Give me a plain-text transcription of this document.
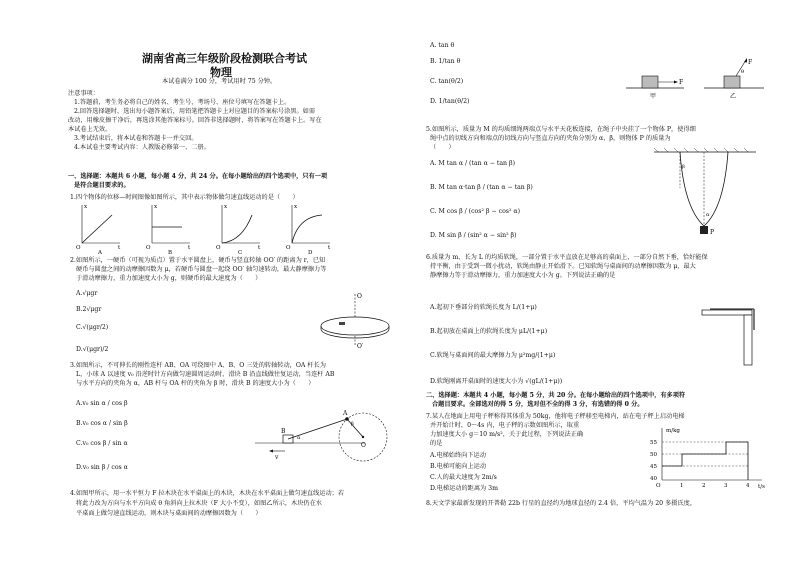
湖南省高三年级阶段检测联合考试
物理
本试卷满分 100 分，考试用时 75 分钟。
注意事项：
1.答题前，考生务必将自己的姓名、考生号、考场号、座位号填写在答题卡上。
2.回答选择题时，选出每小题答案后，用铅笔把答题卡上对应题目的答案标号涂黑。如需
改动，用橡皮擦干净后，再选涂其他答案标号。回答非选择题时，将答案写在答题卡上。写在
本试卷上无效。
3.考试结束后，将本试卷和答题卡一并交回。
4.本试卷主要考试内容：人教版必修第一、二册。
一、选择题：本题共 6 小题，每小题 4 分，共 24 分。在每小题给出的四个选项中，只有一项
是符合题目要求的。
1.四个物体的位移—时间图像如图所示，其中表示物体做匀速直线运动的是（　　）
x
t
O
A
x
t
O
B
x
t
O
C
x
t
O
D
2.如图所示，一硬币（可视为质点）置于水平圆盘上，硬币与竖直转轴 OO′ 的距离为 r，已知
硬币与圆盘之间的动摩擦因数为 μ，若硬币与圆盘一起绕 OO′ 轴匀速转动，最大静摩擦力等
于滑动摩擦力，重力加速度大小为 g，则硬币的最大速度为（　　）
A.√μgr
B.2√μgr
C.√(μgr/2)
D.√(μgr)/2
O
O′
3.如图所示，不可伸长的刚性连杆 AB、OA 可绕图中 A、B、O 三处的转轴转动，OA 杆长为
L，小球 A 以速度 v₀ 沿逆时针方向做匀速圆周运动时，滑块 B 沿直线做往复运动，当连杆 AB
与水平方向的夹角为 α，AB 杆与 OA 杆的夹角为 β 时，滑块 B 的速度大小为（　　）
A.v₀ sin α / cos β
B.v₀ cos α / sin β
C.v₀ cos β / sin α
D.v₀ sin β / cos α
B
A
O
v
α
β
4.如图甲所示，用一水平恒力 F 拉木块在水平桌面上的木块，木块在水平桌面上做匀速直线运动；若
将此力改为方向与水平方向成 θ 角斜向上拉木块（F 大小不变），如图乙所示，木块仍在水
平桌面上做匀速直线运动，则木块与桌面间的动摩擦因数为（　　）
A. tan θ
B. 1/tan θ
C. tan(θ/2)
D. 1/tan(θ/2)
F
甲
F
θ
乙
5.如图所示，质量为 M 的均质细绳两端点与水平天花板连接，在绳子中央挂了一个物体 P，使得细
绳中点的切线方向和端点的切线方向与竖直方向的夹角分别为 α、β，则物体 P 的质量为
（　　）
A. M tan α / (tan α − tan β)
B. M tan α·tan β / (tan α − tan β)
C. M cos β / (cos² β − cos² α)
D. M sin β / (sin² α − sin² β)	P
β
α
6.质量为 m、长为 L 的均质软绳，一部分置于水平直放在足够高的桌面上，一部分自然下垂，恰好能保
持平衡，由于受到一微小扰动，软绳由静止开始滑下。已知软绳与桌面间的动摩擦因数为 μ，最大
静摩擦力等于滑动摩擦力，重力加速度大小为 g。下列说法正确的是
A.起初下垂部分的软绳长度为 L/(1+μ)
B.起初放在桌面上的软绳长度为 μL/(1+μ)
C.软绳与桌面间的最大摩擦力为 μ²mg/(1+μ)
D.软绳刚离开桌面时的速度大小为 √(gL/(1+μ))
二、选择题：本题共 4 小题，每小题 5 分，共 20 分。在每小题给出的四个选项中，有多项符
合题目要求。全部选对的得 5 分，选对但不全的得 3 分，有选错的得 0 分。
7.某人在地面上用电子秤称得其体重为 50kg，他将电子秤移至电梯内，站在电子秤上启动电梯
并开始计时，0～4s 内，电子秤的示数如图所示，取重
力加速度大小 g＝10 m/s²，关于此过程，下列说法正确
的是
A.电梯始终向下运动
B.电梯可能向上运动
C.人的最大速度为 2m/s
D.电梯运动的距离为 3m
m/kg
t/s
55
50
45
40
O	1	2	3	4
8.天文学家最新发现的开普勒 22b 行星的直径约为地球直径的 2.4 倍，平均气温为 20 多摄氏度，
